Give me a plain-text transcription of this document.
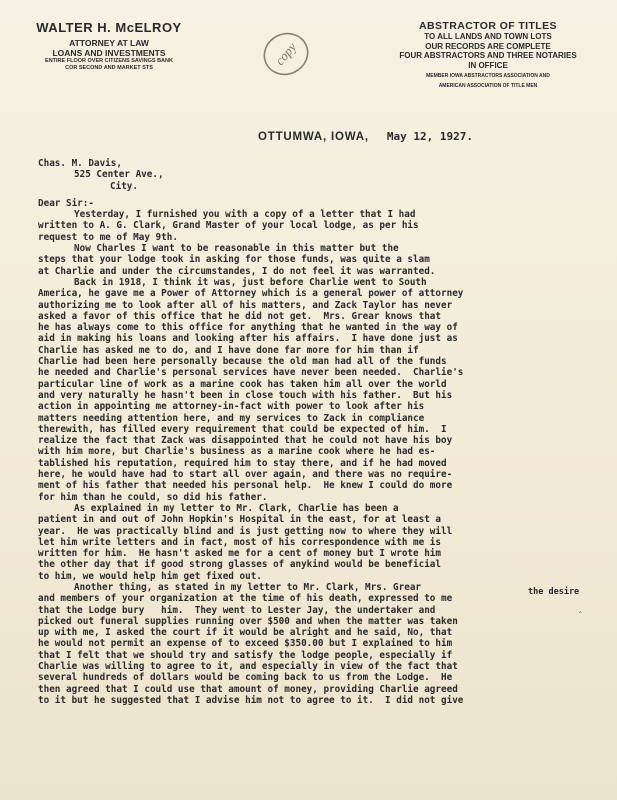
WALTER H. McELROY
ATTORNEY AT LAW
LOANS AND INVESTMENTS
ENTIRE FLOOR OVER CITIZENS SAVINGS BANK
COR SECOND AND MARKET STS
copy
ABSTRACTOR OF TITLES
TO ALL LANDS AND TOWN LOTS
OUR RECORDS ARE COMPLETE
FOUR ABSTRACTORS AND THREE NOTARIES
IN OFFICE
MEMBER IOWA ABSTRACTORS ASSOCIATION AND
AMERICAN ASSOCIATION OF TITLE MEN
OTTUMWA, IOWA, May 12, 1927.
Chas. M. Davis,
525 Center Ave.,
City.
Dear Sir:-
Yesterday, I furnished you with a copy of a letter that I had
written to A. G. Clark, Grand Master of your local lodge, as per his
request to me of May 9th.
Now Charles I want to be reasonable in this matter but the
steps that your lodge took in asking for those funds, was quite a slam
at Charlie and under the circumstandes, I do not feel it was warranted.
Back in 1918, I think it was, just before Charlie went to South
America, he gave me a Power of Attorney which is a general power of attorney
authorizing me to look after all of his matters, and Zack Taylor has never
asked a favor of this office that he did not get.  Mrs. Grear knows that
he has always come to this office for anything that he wanted in the way of
aid in making his loans and looking after his affairs.  I have done just as
Charlie has asked me to do, and I have done far more for him than if
Charlie had been here personally because the old man had all of the funds
he needed and Charlie's personal services have never been needed.  Charlie's
particular line of work as a marine cook has taken him all over the world
and very naturally he hasn't been in close touch with his father.  But his
action in appointing me attorney-in-fact with power to look after his
matters needing attention here, and my services to Zack in compliance
therewith, has filled every requirement that could be expected of him.  I
realize the fact that Zack was disappointed that he could not have his boy
with him more, but Charlie's business as a marine cook where he had es-
tablished his reputation, required him to stay there, and if he had moved
here, he would have had to start all over again, and there was no require-
ment of his father that needed his personal help.  He knew I could do more
for him than he could, so did his father.
As explained in my letter to Mr. Clark, Charlie has been a
patient in and out of John Hopkin's Hospital in the east, for at least a
year.  He was practically blind and is just getting now to where they will
let him write letters and in fact, most of his correspondence with me is
written for him.  He hasn't asked me for a cent of money but I wrote him
the other day that if good strong glasses of anykind would be beneficial
to him, we would help him get fixed out.
Another thing, as stated in my letter to Mr. Clark, Mrs. Grear
and members of your organization at the time of his death, expressed to me
that the Lodge bury   him.  They went to Lester Jay, the undertaker and
picked out funeral supplies running over $500 and when the matter was taken
up with me, I asked the court if it would be alright and he said, No, that
he would not permit an expense of to exceed $350.00 but I explained to him
that I felt that we should try and satisfy the lodge people, especially if
Charlie was willing to agree to it, and especially in view of the fact that
several hundreds of dollars would be coming back to us from the Lodge.  He
then agreed that I could use that amount of money, providing Charlie agreed
to it but he suggested that I advise him not to agree to it.  I did not give
the desire
‸
